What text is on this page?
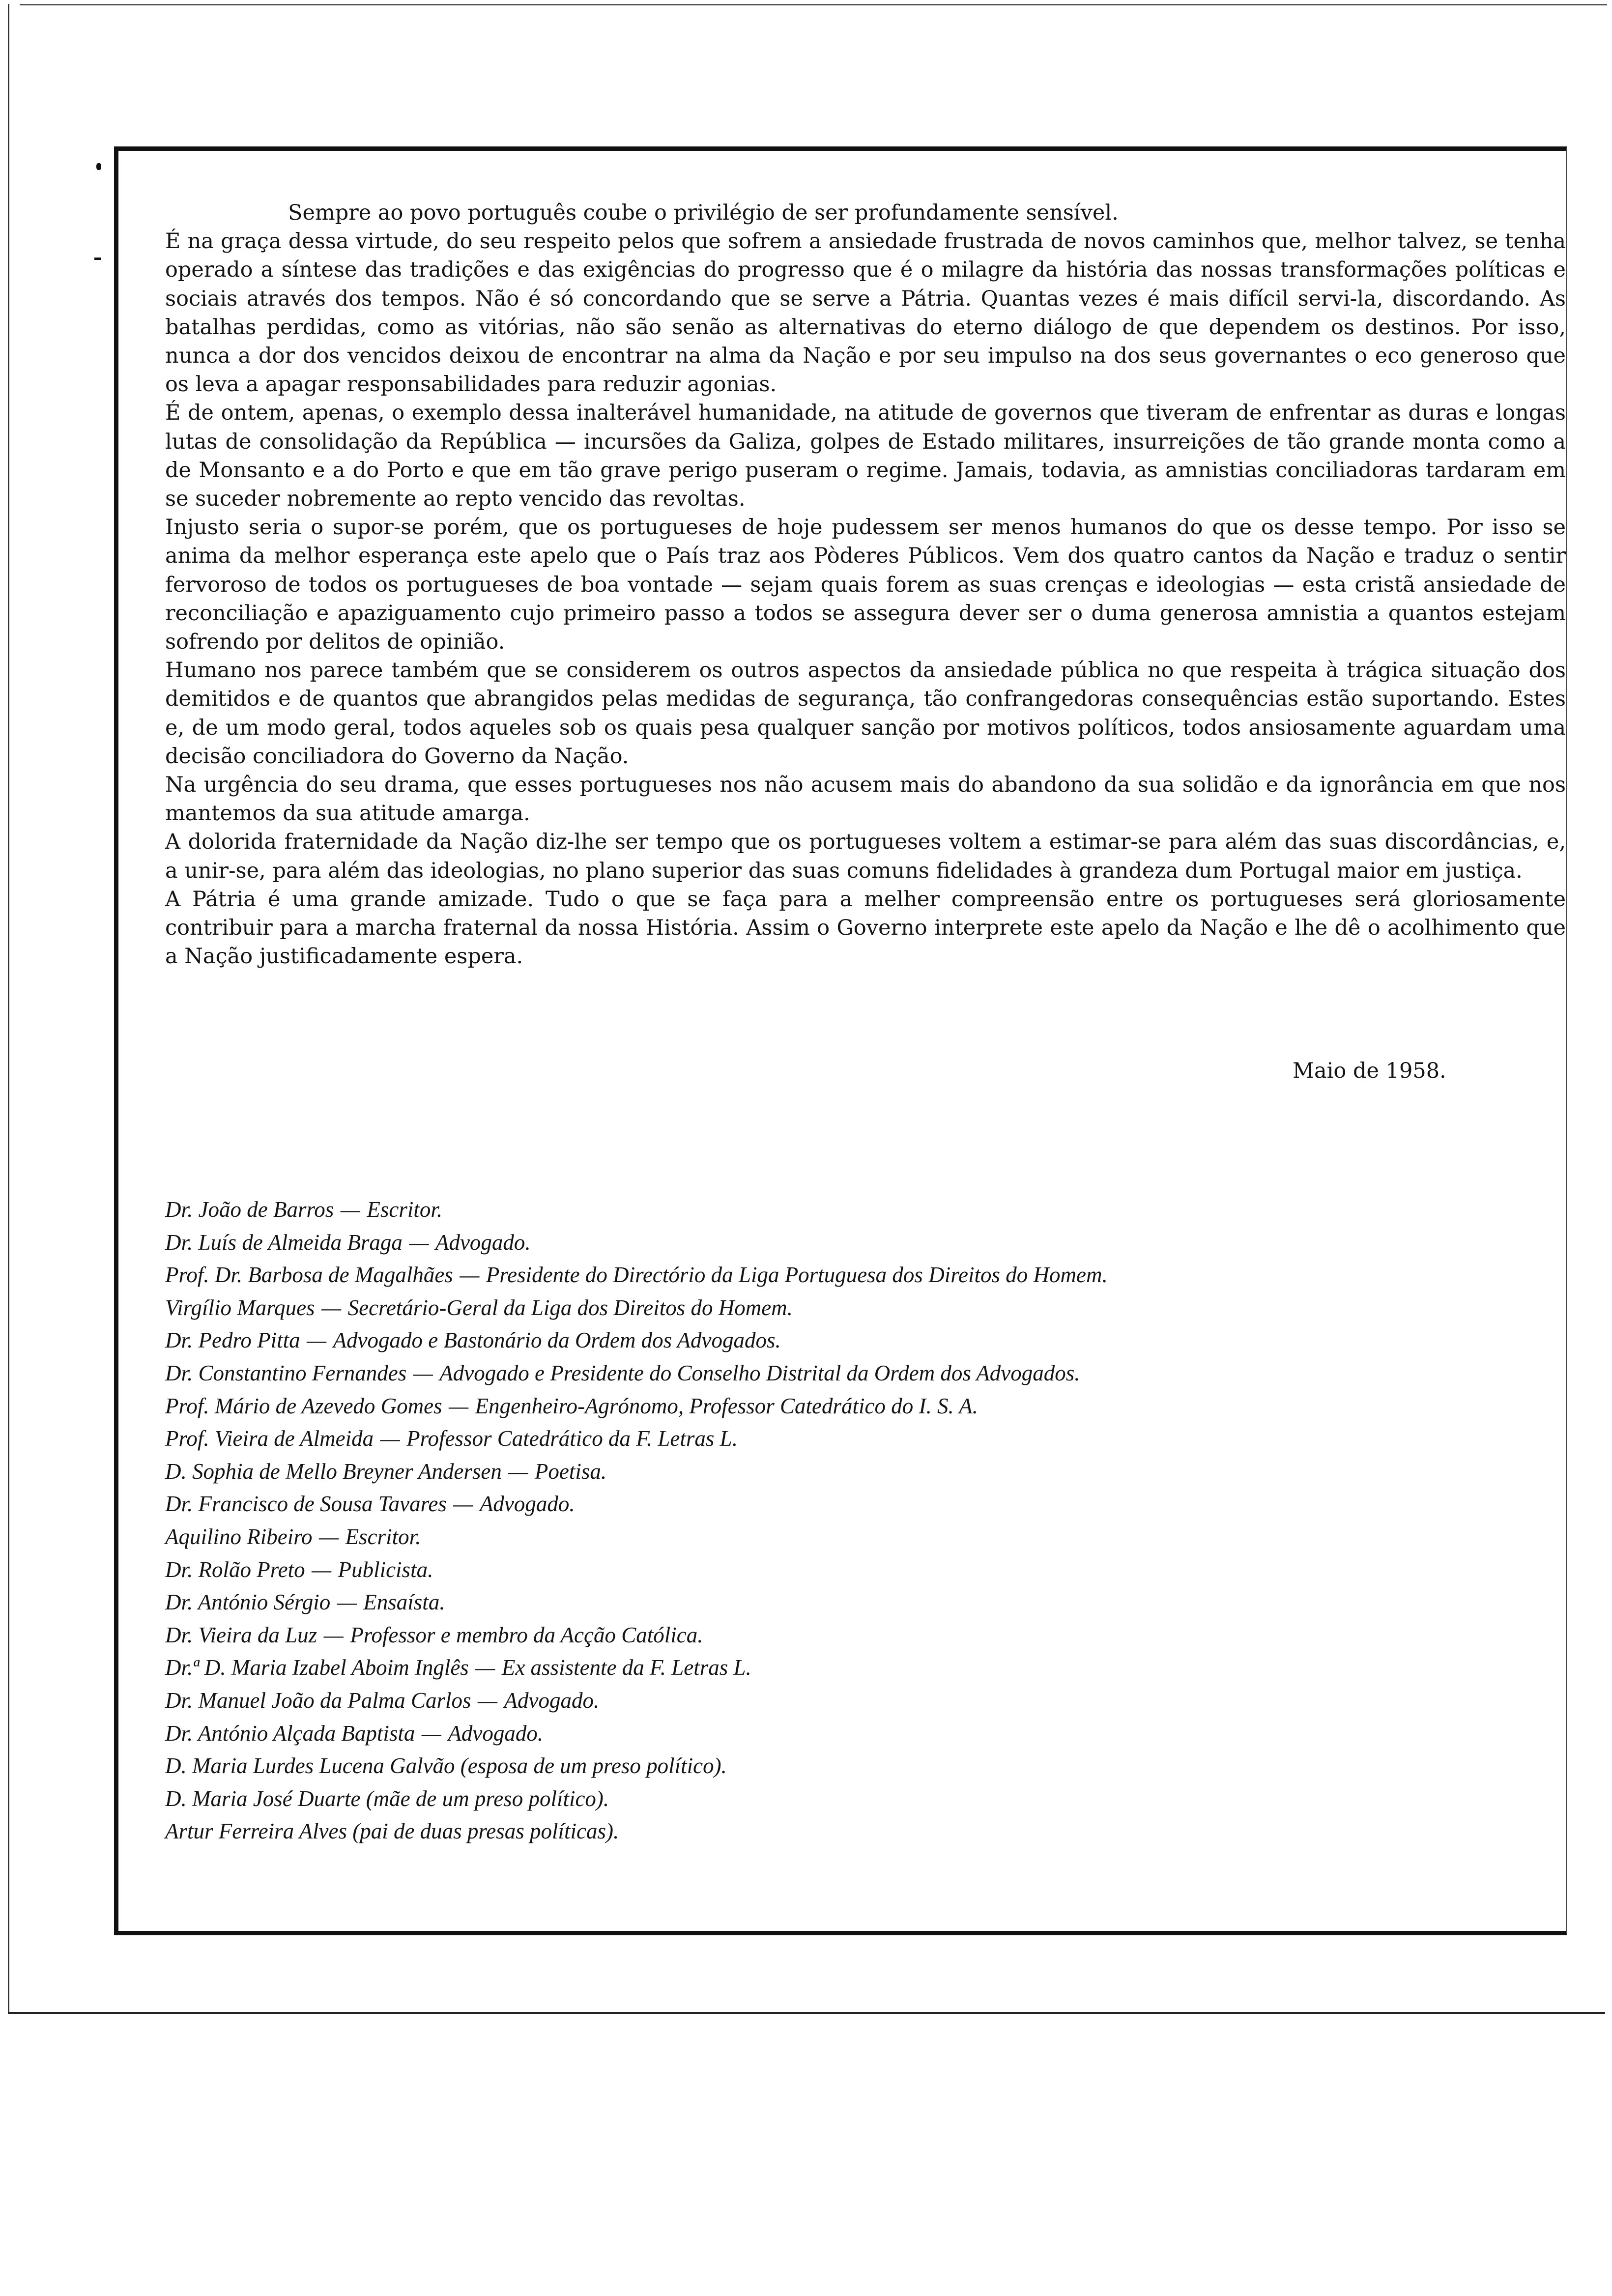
Sempre ao povo português coube o privilégio de ser profundamente sensível.

É na graça dessa virtude, do seu respeito pelos que sofrem a ansiedade frustrada de novos caminhos que, melhor talvez, se tenha operado a síntese das tradições e das exigências do progresso que é o milagre da história das nossas transformações políticas e sociais através dos tempos. Não é só concordando que se serve a Pátria. Quantas vezes é mais difícil servi-la, discordando. As batalhas perdidas, como as vitórias, não são senão as alternativas do eterno diálogo de que dependem os destinos. Por isso, nunca a dor dos vencidos deixou de encontrar na alma da Nação e por seu impulso na dos seus governantes o eco generoso que os leva a apagar responsabilidades para reduzir agonias.

É de ontem, apenas, o exemplo dessa inalterável humanidade, na atitude de governos que tiveram de enfrentar as duras e longas lutas de consolidação da República — incursões da Galiza, golpes de Estado militares, insurreições de tão grande monta como a de Monsanto e a do Porto e que em tão grave perigo puseram o regime. Jamais, todavia, as amnistias conciliadoras tardaram em se suceder nobremente ao repto vencido das revoltas.

Injusto seria o supor-se porém, que os portugueses de hoje pudessem ser menos humanos do que os desse tempo. Por isso se anima da melhor esperança este apelo que o País traz aos Pòderes Públicos. Vem dos quatro cantos da Nação e traduz o sentir fervoroso de todos os portugueses de boa vontade — sejam quais forem as suas crenças e ideologias — esta cristã ansiedade de reconciliação e apaziguamento cujo primeiro passo a todos se assegura dever ser o duma generosa amnistia a quantos estejam sofrendo por delitos de opinião.

Humano nos parece também que se considerem os outros aspectos da ansiedade pública no que respeita à trágica situação dos demitidos e de quantos que abrangidos pelas medidas de segurança, tão confrangedoras consequências estão suportando. Estes e, de um modo geral, todos aqueles sob os quais pesa qualquer sanção por motivos políticos, todos ansiosamente aguardam uma decisão conciliadora do Governo da Nação.

Na urgência do seu drama, que esses portugueses nos não acusem mais do abandono da sua solidão e da ignorância em que nos mantemos da sua atitude amarga.

A dolorida fraternidade da Nação diz-lhe ser tempo que os portugueses voltem a estimar-se para além das suas discordâncias, e, a unir-se, para além das ideologias, no plano superior das suas comuns fidelidades à grandeza dum Portugal maior em justiça.

A Pátria é uma grande amizade. Tudo o que se faça para a melher compreensão entre os portugueses será gloriosamente contribuir para a marcha fraternal da nossa História. Assim o Governo interprete este apelo da Nação e lhe dê o acolhimento que a Nação justificadamente espera.

Maio de 1958.
Dr. João de Barros — Escritor.
Dr. Luís de Almeida Braga — Advogado.
Prof. Dr. Barbosa de Magalhães — Presidente do Directório da Liga Portuguesa dos Direitos do Homem.
Virgílio Marques — Secretário-Geral da Liga dos Direitos do Homem.
Dr. Pedro Pitta — Advogado e Bastonário da Ordem dos Advogados.
Dr. Constantino Fernandes — Advogado e Presidente do Conselho Distrital da Ordem dos Advogados.
Prof. Mário de Azevedo Gomes — Engenheiro-Agrónomo, Professor Catedrático do I. S. A.
Prof. Vieira de Almeida — Professor Catedrático da F. Letras L.
D. Sophia de Mello Breyner Andersen — Poetisa.
Dr. Francisco de Sousa Tavares — Advogado.
Aquilino Ribeiro — Escritor.
Dr. Rolão Preto — Publicista.
Dr. António Sérgio — Ensaísta.
Dr. Vieira da Luz — Professor e membro da Acção Católica.
Dr.ª D. Maria Izabel Aboim Inglês — Ex assistente da F. Letras L.
Dr. Manuel João da Palma Carlos — Advogado.
Dr. António Alçada Baptista — Advogado.
D. Maria Lurdes Lucena Galvão (esposa de um preso político).
D. Maria José Duarte (mãe de um preso político).
Artur Ferreira Alves (pai de duas presas políticas).
